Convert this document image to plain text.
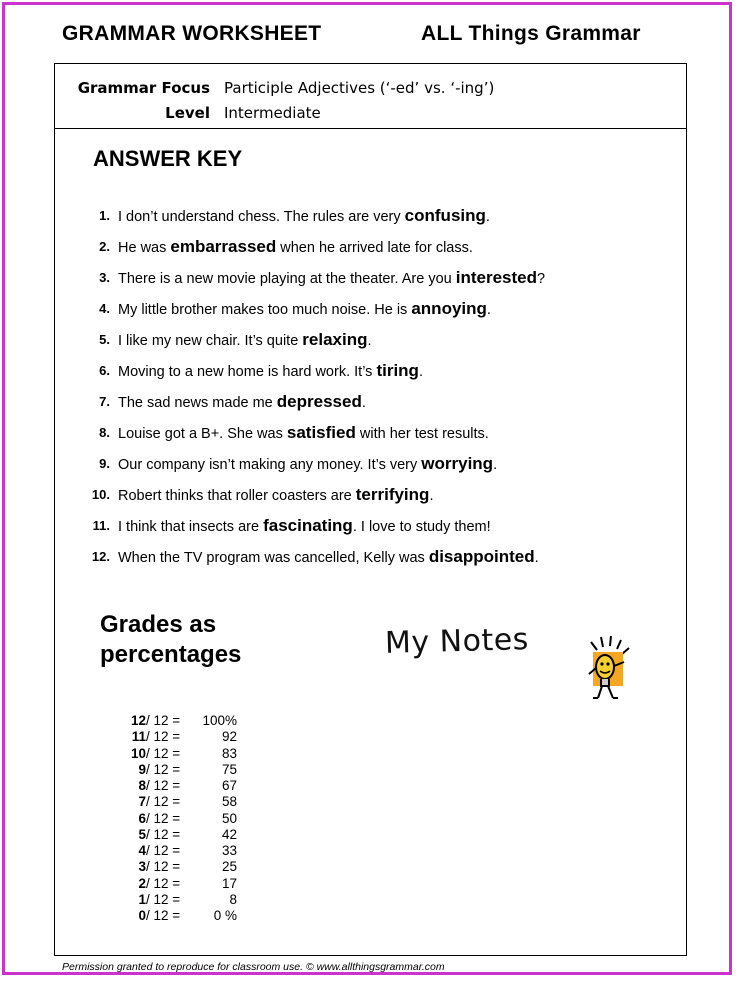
GRAMMAR WORKSHEET	ALL Things Grammar
Grammar Focus Participle Adjectives (‘-ed’ vs. ‘-ing’)
Level Intermediate
ANSWER KEY
1. I don’t understand chess. The rules are very confusing.
2. He was embarrassed when he arrived late for class.
3. There is a new movie playing at the theater. Are you interested?
4. My little brother makes too much noise. He is annoying.
5. I like my new chair. It’s quite relaxing.
6. Moving to a new home is hard work. It’s tiring.
7. The sad news made me depressed.
8. Louise got a B+. She was satisfied with her test results.
9. Our company isn’t making any money. It’s very worrying.
10. Robert thinks that roller coasters are terrifying.
11. I think that insects are fascinating. I love to study them!
12. When the TV program was cancelled, Kelly was disappointed.
Grades as
percentages	My Notes
12 / 12 =	100%
11 / 12 =	92
10 / 12 =	83
9 / 12 =	75
8 / 12 =	67
7 / 12 =	58
6 / 12 =	50
5 / 12 =	42
4 / 12 =	33
3 / 12 =	25
2 / 12 =	17
1 / 12 =	8
0 / 12 =	0 %
Permission granted to reproduce for classroom use. © www.allthingsgrammar.com
